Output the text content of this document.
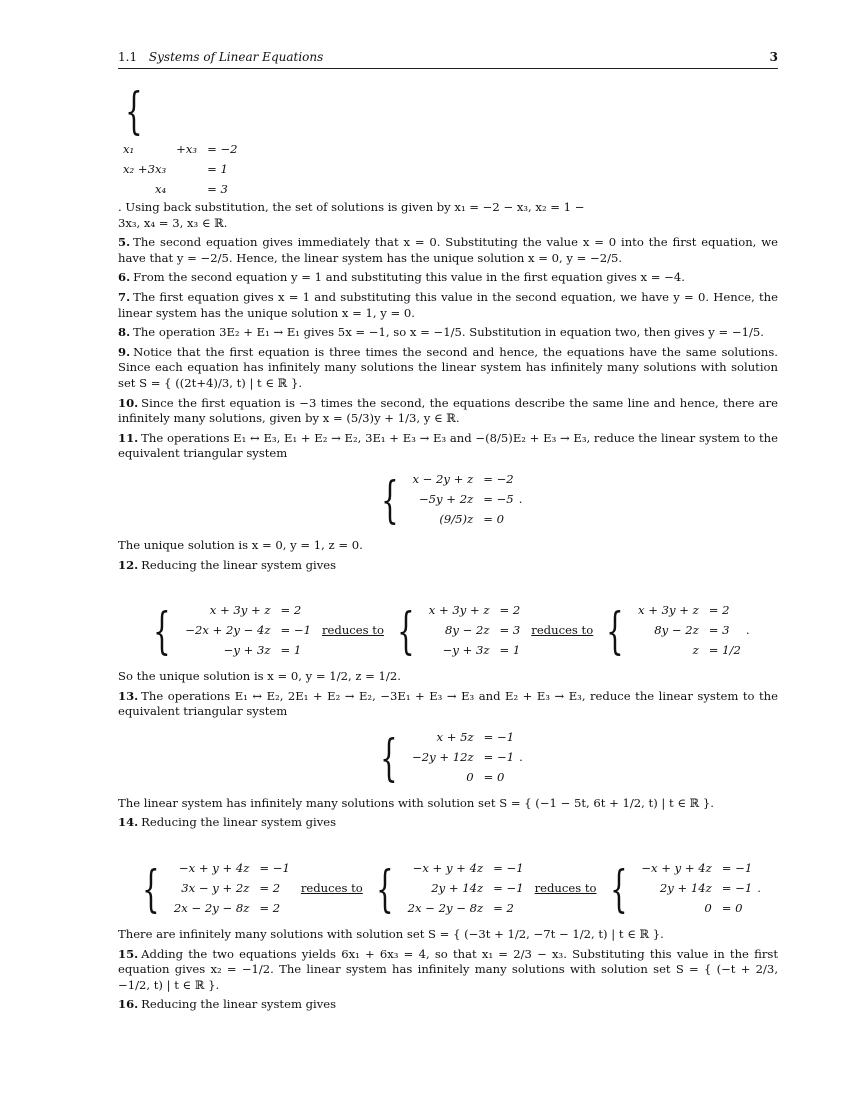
1.1 Systems of Linear Equations	3

{

x₁	+x₃	= −2
x₂ +3x₃		= 1
x₄		= 3
. Using back substitution, the set of solutions is given by x₁ = −2 − x₃, x₂ = 1 −
3x₃, x₄ = 3, x₃ ∈ ℝ.

5. The second equation gives immediately that x = 0. Substituting the value x = 0 into the first equation, we have that y = −2/5. Hence, the linear system has the unique solution x = 0, y = −2/5.

6. From the second equation y = 1 and substituting this value in the first equation gives x = −4.

7. The first equation gives x = 1 and substituting this value in the second equation, we have y = 0. Hence, the linear system has the unique solution x = 1, y = 0.

8. The operation 3E₂ + E₁ → E₁ gives 5x = −1, so x = −1/5. Substitution in equation two, then gives y = −1/5.

9. Notice that the first equation is three times the second and hence, the equations have the same solutions. Since each equation has infinitely many solutions the linear system has infinitely many solutions with solution set S = { ((2t+4)/3, t) | t ∈ ℝ }.

10. Since the first equation is −3 times the second, the equations describe the same line and hence, there are infinitely many solutions, given by x = (5/3)y + 1/3, y ∈ ℝ.

11. The operations E₁ ↔ E₃, E₁ + E₂ → E₂, 3E₁ + E₃ → E₃ and −(8/5)E₂ + E₃ → E₃, reduce the linear system to the equivalent triangular system

{ x − 2y + z	= −2
−5y + 2z	= −5
(9/5)z	= 0
.

The unique solution is x = 0, y = 1, z = 0.

12. Reducing the linear system gives

{	x + 3y + z	= 2
−2x + 2y − 4z	= −1
−y + 3z	= 1
reduces to { x + 3y + z	= 2
8y − 2z	= 3
−y + 3z	= 1
reduces to { x + 3y + z	= 2
8y − 2z	= 3
z	= 1/2
.

So the unique solution is x = 0, y = 1/2, z = 1/2.

13. The operations E₁ ↔ E₂, 2E₁ + E₂ → E₂, −3E₁ + E₃ → E₃ and E₂ + E₃ → E₃, reduce the linear system to the equivalent triangular system

{	x + 5z	= −1
−2y + 12z	= −1
0	= 0
.

The linear system has infinitely many solutions with solution set S = { (−1 − 5t, 6t + 1/2, t) | t ∈ ℝ }.

14. Reducing the linear system gives

{ −x + y + 4z	= −1
3x − y + 2z	= 2
2x − 2y − 8z	= 2
reduces to { −x + y + 4z	= −1
2y + 14z	= −1
2x − 2y − 8z	= 2
reduces to { −x + y + 4z	= −1
2y + 14z	= −1
0	= 0
.

There are infinitely many solutions with solution set S = { (−3t + 1/2, −7t − 1/2, t) | t ∈ ℝ }.

15. Adding the two equations yields 6x₁ + 6x₃ = 4, so that x₁ = 2/3 − x₃. Substituting this value in the first equation gives x₂ = −1/2. The linear system has infinitely many solutions with solution set S = { (−t + 2/3, −1/2, t) | t ∈ ℝ }.

16. Reducing the linear system gives
